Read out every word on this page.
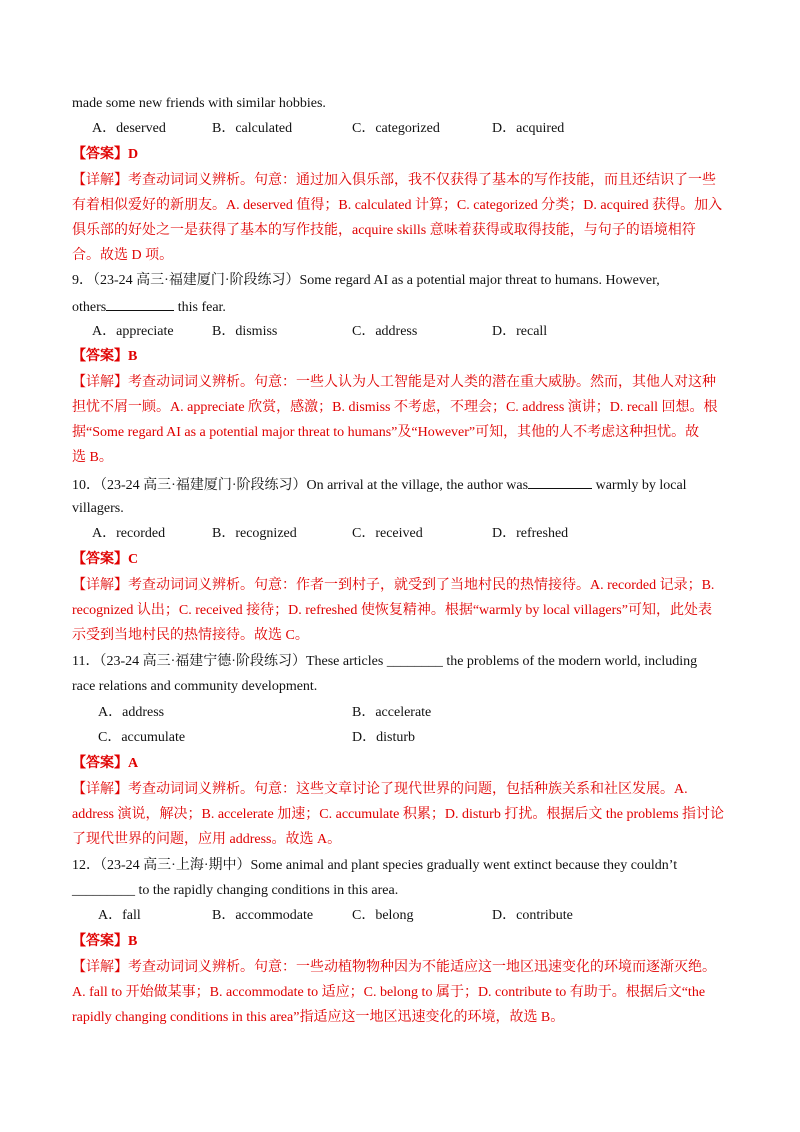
made some new friends with similar hobbies.
A．deserved	B．calculated	C．categorized	D．acquired
【答案】D
【详解】考查动词词义辨析。句意：通过加入俱乐部，我不仅获得了基本的写作技能，而且还结识了一些
有着相似爱好的新朋友。A. deserved 值得；B. calculated 计算；C. categorized 分类；D. acquired 获得。加入
俱乐部的好处之一是获得了基本的写作技能，acquire skills 意味着获得或取得技能，与句子的语境相符
合。故选 D 项。
9．（23-24 高三·福建厦门·阶段练习）Some regard AI as a potential major threat to humans. However,
others	this fear.
A．appreciate	B．dismiss	C．address	D．recall
【答案】B
【详解】考查动词词义辨析。句意：一些人认为人工智能是对人类的潜在重大威胁。然而，其他人对这种
担忧不屑一顾。A. appreciate 欣赏，感激；B. dismiss 不考虑，不理会；C. address 演讲；D. recall 回想。根
据“Some regard AI as a potential major threat to humans”及“However”可知，其他的人不考虑这种担忧。故
选 B。
10．（23-24 高三·福建厦门·阶段练习）On arrival at the village, the author was	warmly by local
villagers.
A．recorded	B．recognized	C．received	D．refreshed
【答案】C
【详解】考查动词词义辨析。句意：作者一到村子，就受到了当地村民的热情接待。A. recorded 记录；B.
recognized 认出；C. received 接待；D. refreshed 使恢复精神。根据“warmly by local villagers”可知，此处表
示受到当地村民的热情接待。故选 C。
11．（23-24 高三·福建宁德·阶段练习）These articles ________ the problems of the modern world, including
race relations and community development.
A．address	B．accelerate
C．accumulate	D．disturb
【答案】A
【详解】考查动词词义辨析。句意：这些文章讨论了现代世界的问题，包括种族关系和社区发展。A.
address 演说，解决；B. accelerate 加速；C. accumulate 积累；D. disturb 打扰。根据后文 the problems 指讨论
了现代世界的问题，应用 address。故选 A。
12．（23-24 高三·上海·期中）Some animal and plant species gradually went extinct because they couldn’t
_________ to the rapidly changing conditions in this area.
A．fall	B．accommodate	C．belong	D．contribute
【答案】B
【详解】考查动词词义辨析。句意：一些动植物物种因为不能适应这一地区迅速变化的环境而逐渐灭绝。
A. fall to 开始做某事；B. accommodate to 适应；C. belong to 属于；D. contribute to 有助于。根据后文“the
rapidly changing conditions in this area”指适应这一地区迅速变化的环境，故选 B。
